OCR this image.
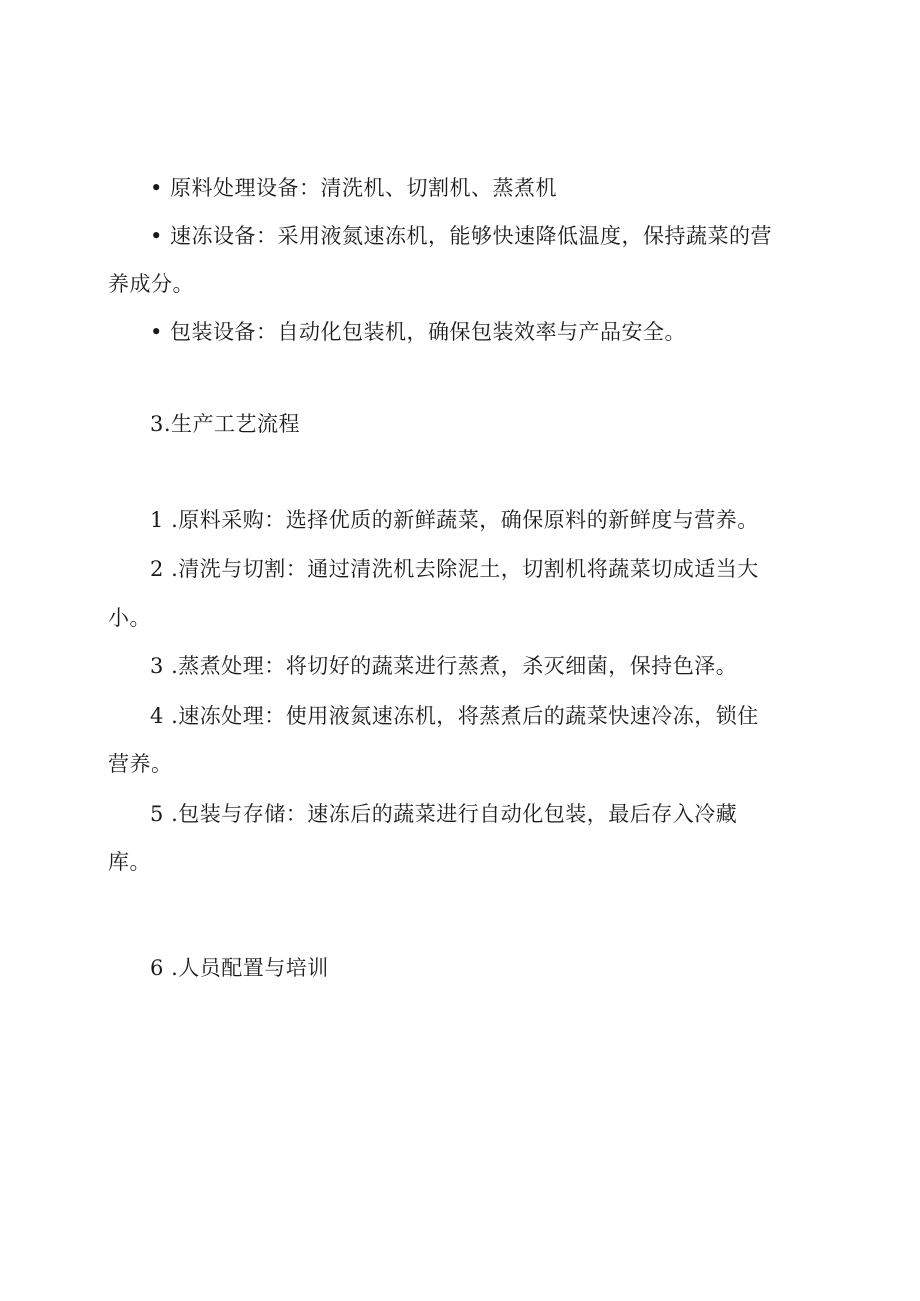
• 原料处理设备：清洗机、切割机、蒸煮机
• 速冻设备：采用液氮速冻机，能够快速降低温度，保持蔬菜的营
养成分。
• 包装设备：自动化包装机，确保包装效率与产品安全。
3.生产工艺流程
1 .原料采购：选择优质的新鲜蔬菜，确保原料的新鲜度与营养。
2 .清洗与切割：通过清洗机去除泥土，切割机将蔬菜切成适当大
小。
3 .蒸煮处理：将切好的蔬菜进行蒸煮，杀灭细菌，保持色泽。
4 .速冻处理：使用液氮速冻机，将蒸煮后的蔬菜快速冷冻，锁住
营养。
5 .包装与存储：速冻后的蔬菜进行自动化包装，最后存入冷藏
库。
6 .人员配置与培训
